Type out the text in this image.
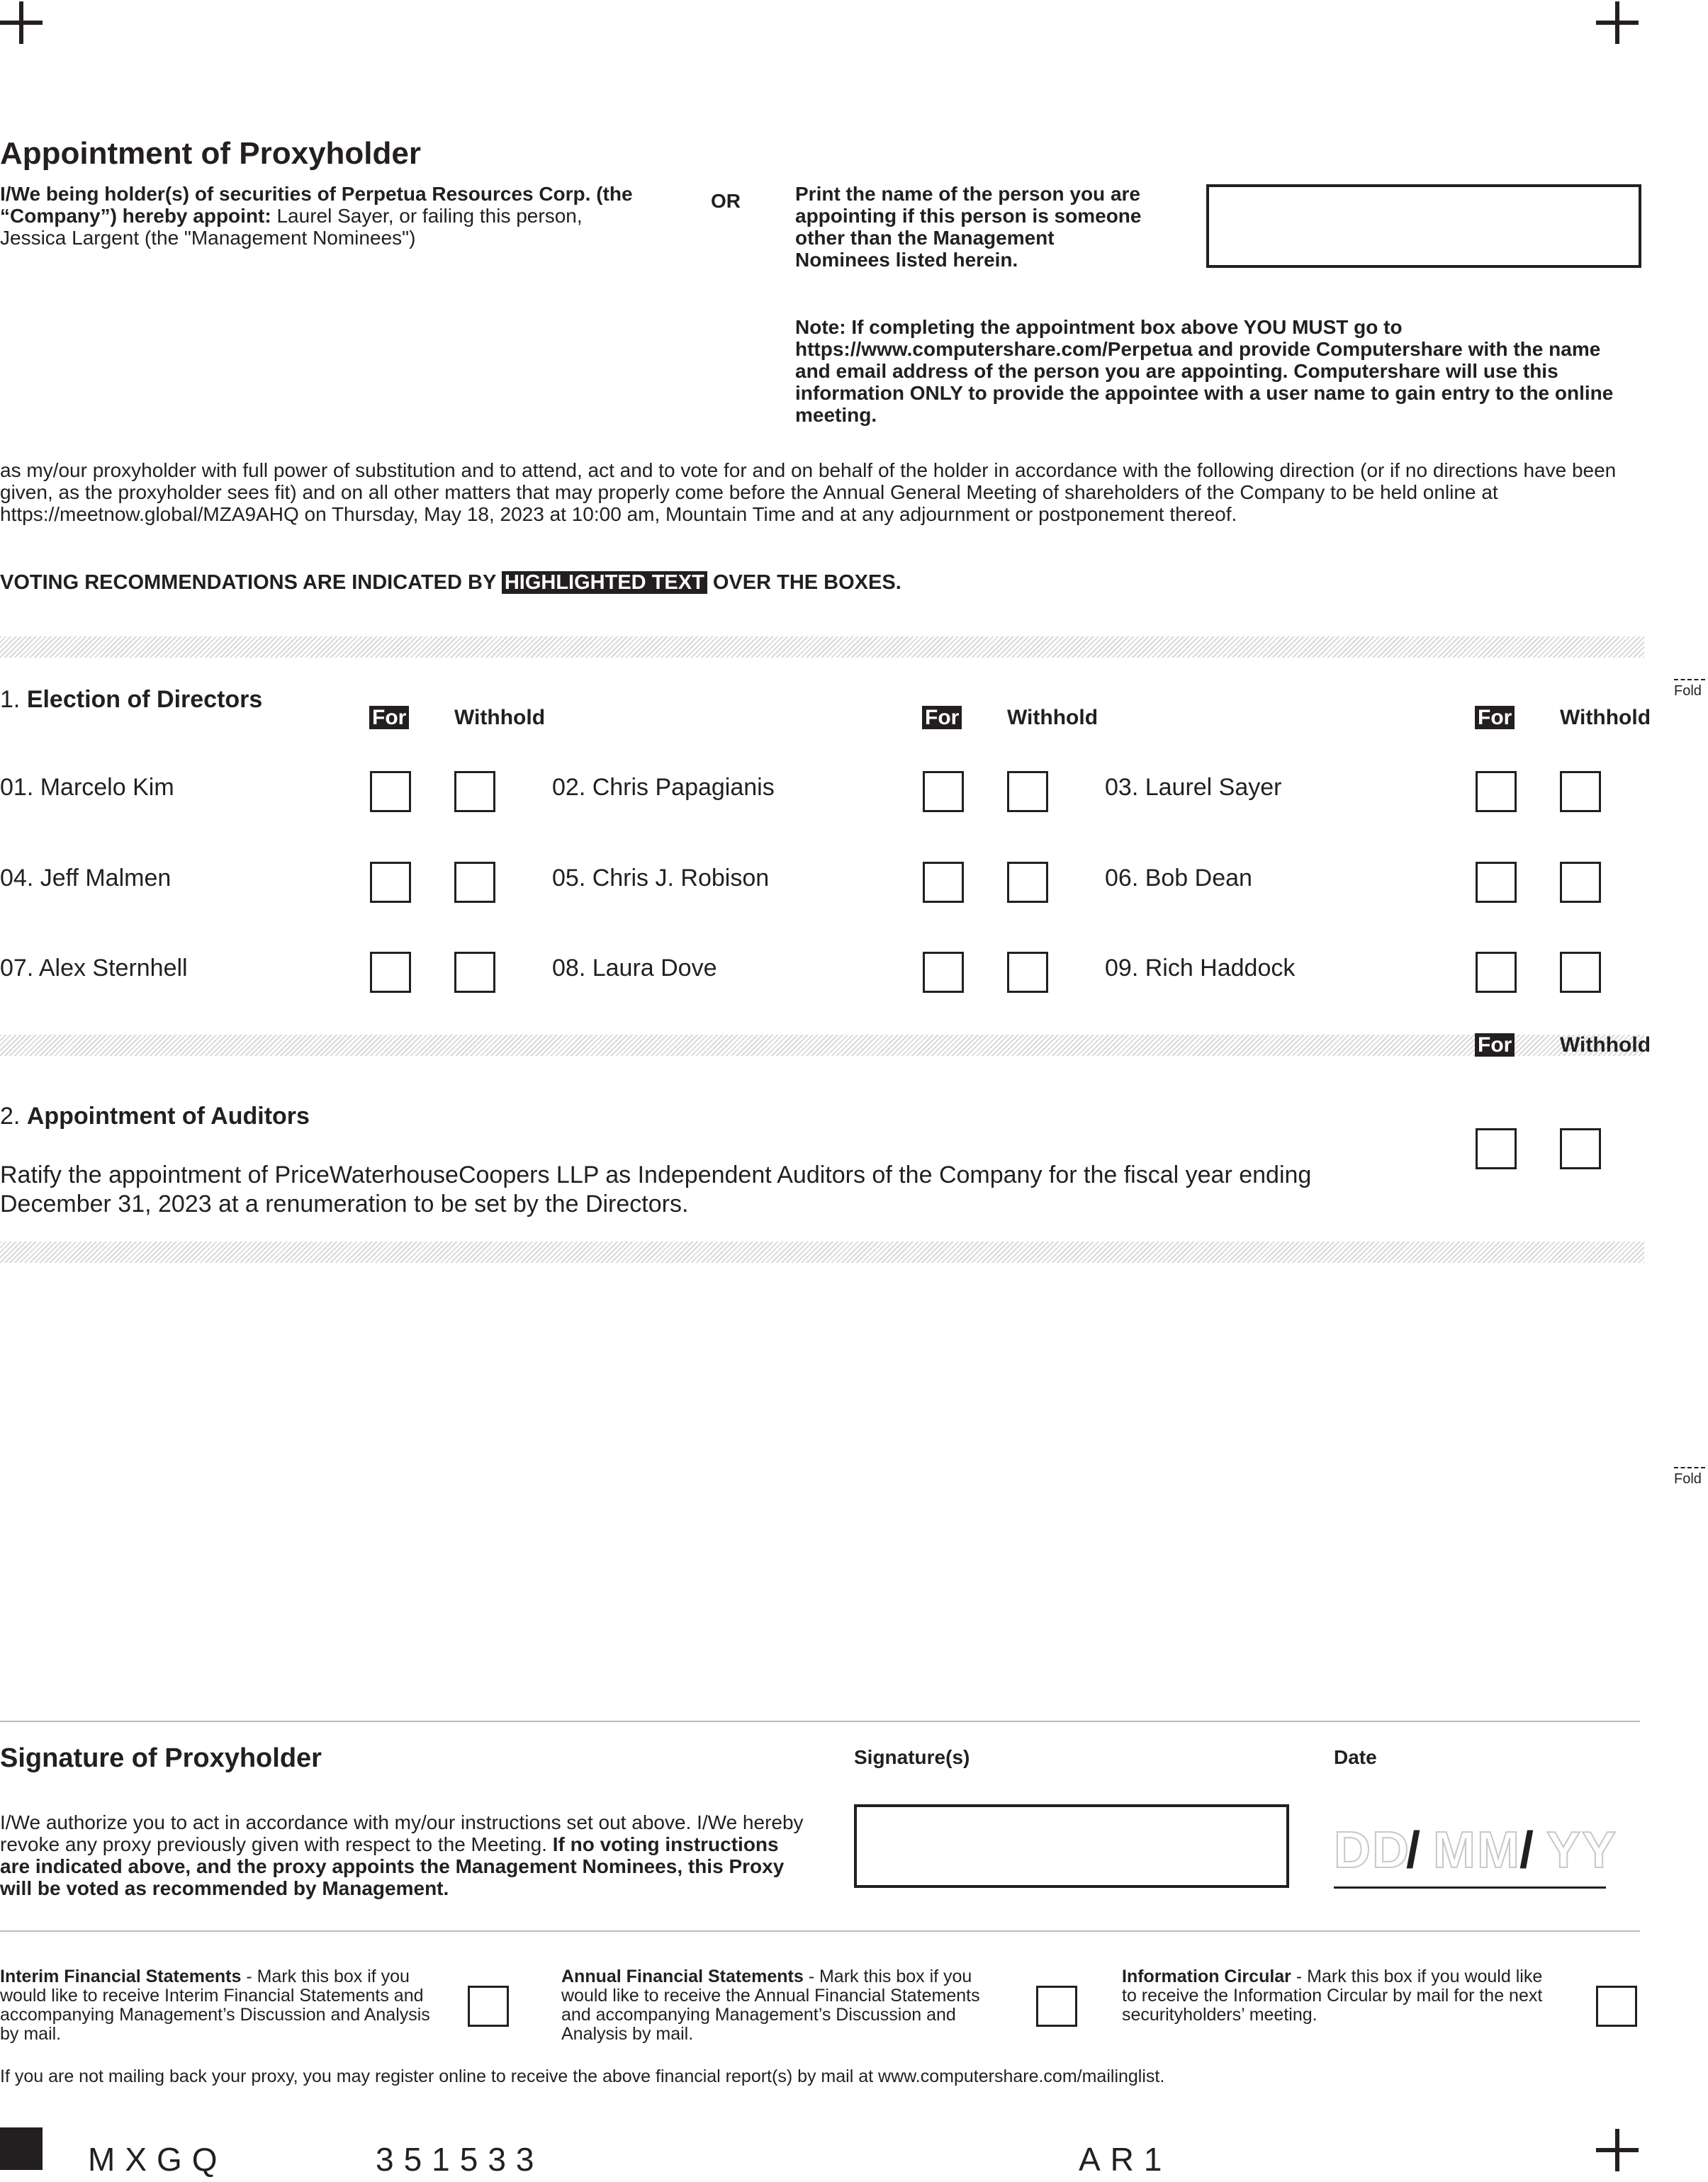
Appointment of Proxyholder
I/We being holder(s) of securities of Perpetua Resources Corp. (the “Company”) hereby appoint: Laurel Sayer, or failing this person, Jessica Largent (the "Management Nominees")
OR	Print the name of the person you are appointing if this person is someone other than the Management Nominees listed herein.
Note: If completing the appointment box above YOU MUST go to https://www.computershare.com/Perpetua and provide Computershare with the name and email address of the person you are appointing. Computershare will use this information ONLY to provide the appointee with a user name to gain entry to the online meeting.
as my/our proxyholder with full power of substitution and to attend, act and to vote for and on behalf of the holder in accordance with the following direction (or if no directions have been given, as the proxyholder sees fit) and on all other matters that may properly come before the Annual General Meeting of shareholders of the Company to be held online at https://meetnow.global/MZA9AHQ on Thursday, May 18, 2023 at 10:00 am, Mountain Time and at any adjournment or postponement thereof.
VOTING RECOMMENDATIONS ARE INDICATED BY HIGHLIGHTED TEXT OVER THE BOXES.
1. Election of Directors
For Withhold	For Withhold	For Withhold
Fold
01. Marcelo Kim	02. Chris Papagianis	03. Laurel Sayer
04. Jeff Malmen	05. Chris J. Robison	06. Bob Dean
07. Alex Sternhell	08. Laura Dove	09. Rich Haddock
For Withhold
2. Appointment of Auditors
Ratify the appointment of PriceWaterhouseCoopers LLP as Independent Auditors of the Company for the fiscal year ending December 31, 2023 at a renumeration to be set by the Directors.
Fold
Signature of Proxyholder	Signature(s)	Date
I/We authorize you to act in accordance with my/our instructions set out above. I/We hereby revoke any proxy previously given with respect to the Meeting. If no voting instructions are indicated above, and the proxy appoints the Management Nominees, this Proxy will be voted as recommended by Management.
DD
/ MM
/ YY
Interim Financial Statements - Mark this box if you would like to receive Interim Financial Statements and accompanying Management’s Discussion and Analysis by mail.
Annual Financial Statements - Mark this box if you would like to receive the Annual Financial Statements and accompanying Management’s Discussion and Analysis by mail.
Information Circular - Mark this box if you would like to receive the Information Circular by mail for the next securityholders’ meeting.
If you are not mailing back your proxy, you may register online to receive the above financial report(s) by mail at www.computershare.com/mailinglist.
MXGQ	351533	AR1
